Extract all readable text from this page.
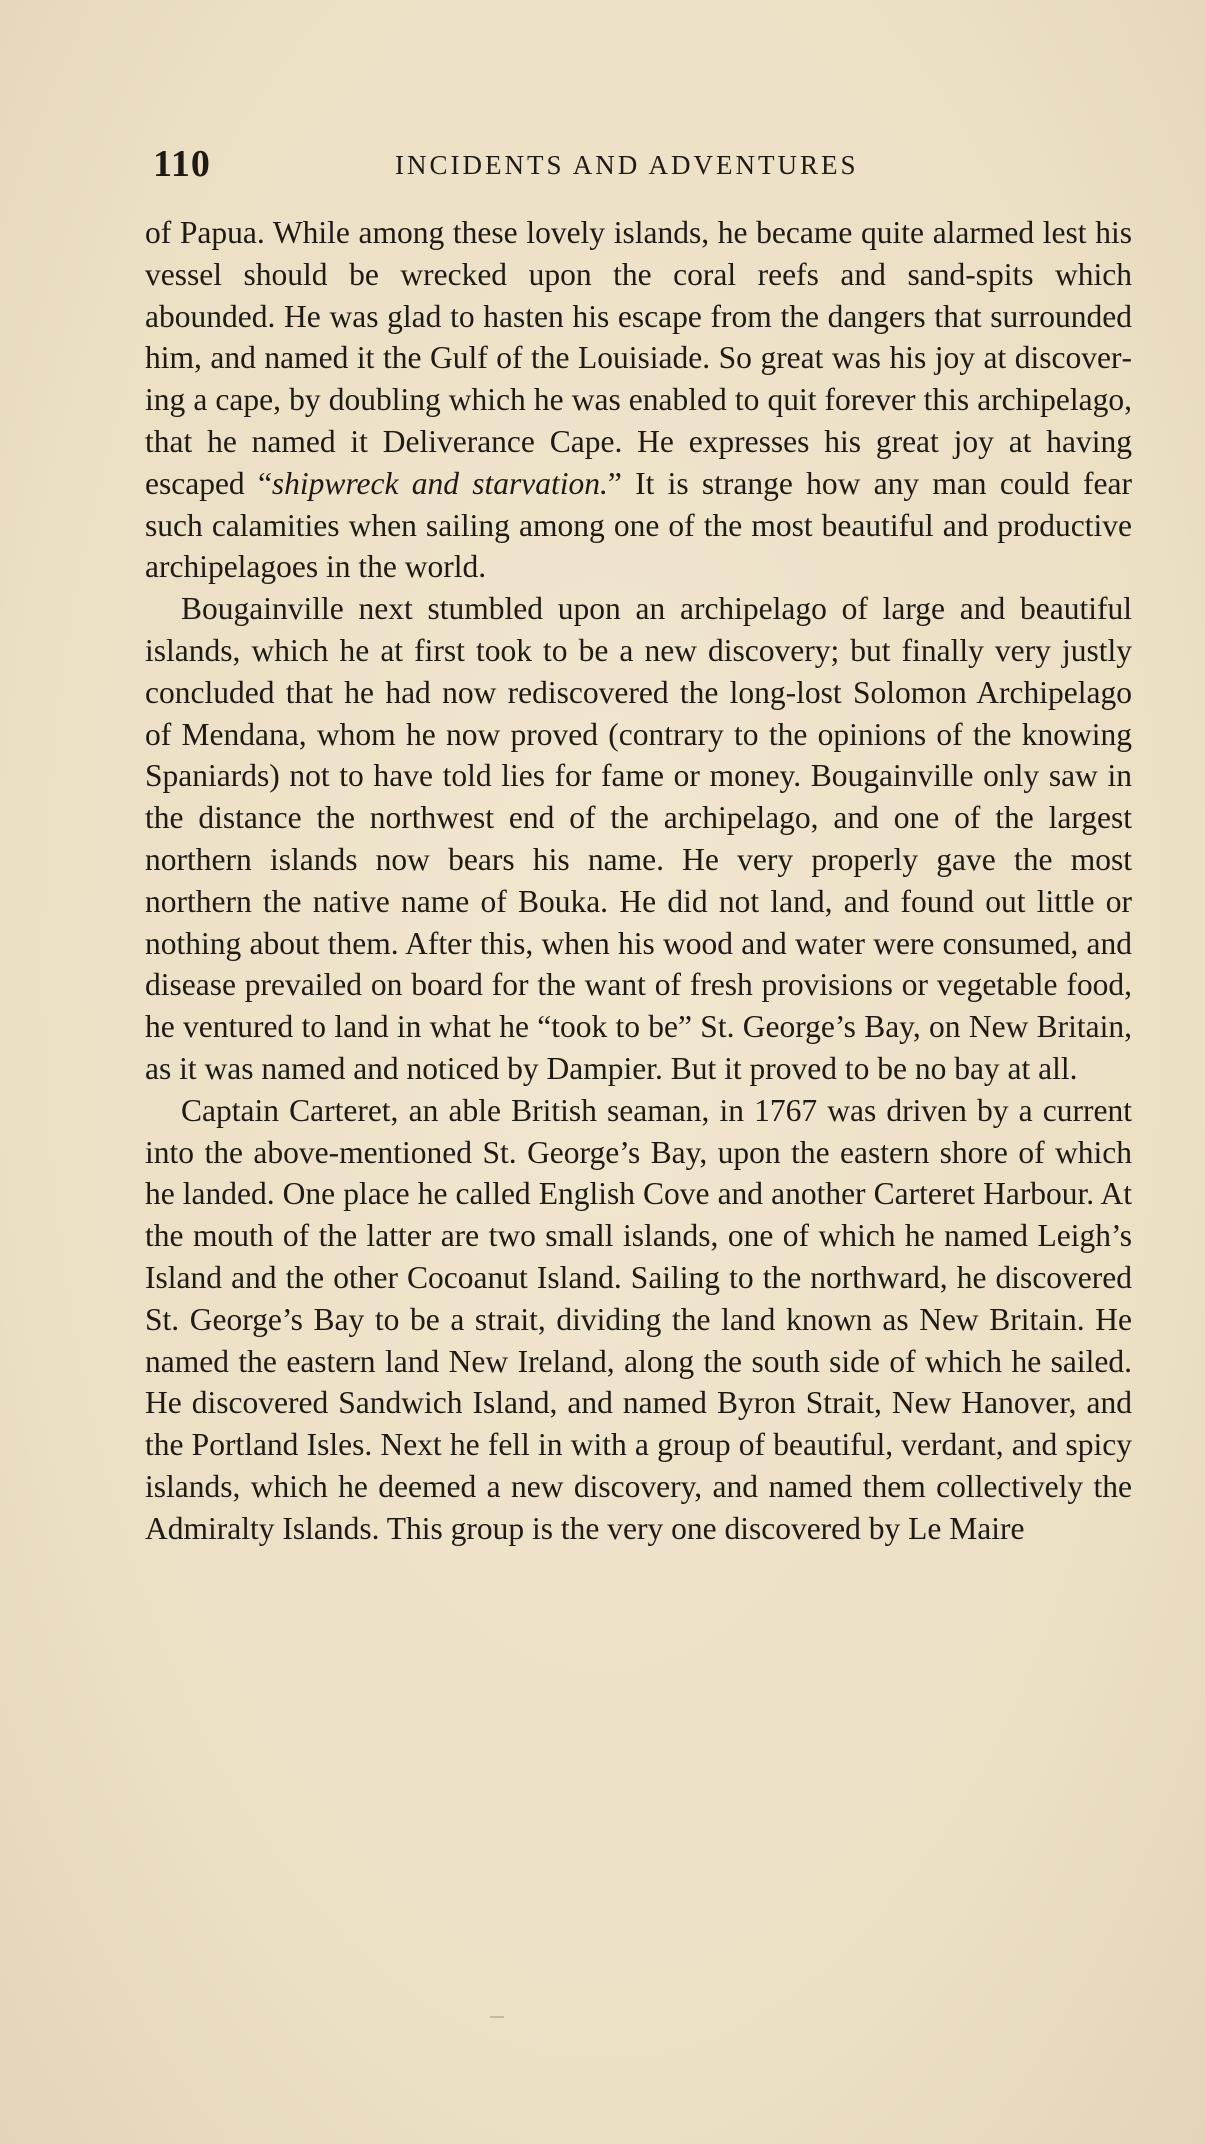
110	INCIDENTS AND ADVENTURES

of Papua. While among these lovely islands, he became quite alarmed lest his vessel should be wrecked upon the coral reefs and sand-spits which abounded. He was glad to hasten his escape from the dangers that surrounded him, and named it the Gulf of the Louisiade. So great was his joy at discovering a cape, by doubling which he was enabled to quit forever this archipelago, that he named it Deliverance Cape. He expresses his great joy at having escaped “shipwreck and starvation.” It is strange how any man could fear such calamities when sailing among one of the most beautiful and productive archipelagoes in the world.

Bougainville next stumbled upon an archipelago of large and beautiful islands, which he at first took to be a new discovery; but finally very justly concluded that he had now rediscovered the long-lost Solomon Archipelago of Mendana, whom he now proved (contrary to the opinions of the knowing Spaniards) not to have told lies for fame or money. Bougainville only saw in the distance the northwest end of the archipelago, and one of the largest northern islands now bears his name. He very properly gave the most northern the native name of Bouka. He did not land, and found out little or nothing about them. After this, when his wood and water were consumed, and disease prevailed on board for the want of fresh provisions or vegetable food, he ventured to land in what he “took to be” St. George’s Bay, on New Britain, as it was named and noticed by Dampier. But it proved to be no bay at all.

Captain Carteret, an able British seaman, in 1767 was driven by a current into the above-mentioned St. George’s Bay, upon the eastern shore of which he landed. One place he called English Cove and another Carteret Harbour. At the mouth of the latter are two small islands, one of which he named Leigh’s Island and the other Cocoanut Island. Sailing to the northward, he discovered St. George’s Bay to be a strait, dividing the land known as New Britain. He named the eastern land New Ireland, along the south side of which he sailed. He discovered Sandwich Island, and named Byron Strait, New Hanover, and the Portland Isles. Next he fell in with a group of beautiful, verdant, and spicy islands, which he deemed a new discovery, and named them collectively the Admiralty Islands. This group is the very one discovered by Le Maire
